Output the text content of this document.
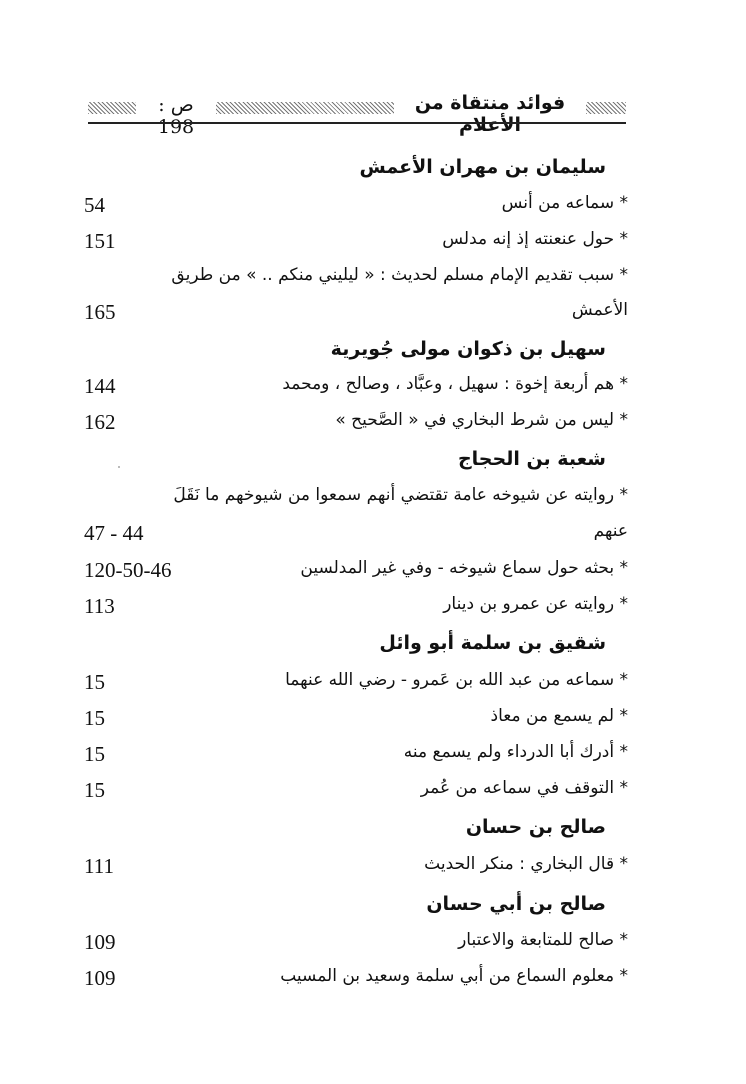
ص : 198
فوائد منتقاة من الأعلام
سليمان بن مهران الأعمش
* سماعه من أنس
54
* حول عنعنته إذ إنه مدلس
151
* سبب تقديم الإمام مسلم لحديث : « ليليني منكم .. » من طريق
الأعمش
165
سهيل بن ذكوان مولى جُويرية
* هم أربعة إخوة : سهيل ، وعبَّاد ، وصالح ، ومحمد
144
* ليس من شرط البخاري في « الصَّحيح »
162
شعبة بن الحجاج
* روايته عن شيوخه عامة تقتضي أنهم سمعوا من شيوخهم ما نَقَلَ
عنهم
47 - 44
* بحثه حول سماع شيوخه - وفي غير المدلسين
120-50-46
* روايته عن عمرو بن دينار
113
شقيق بن سلمة أبو وائل
* سماعه من عبد الله بن عَمرو - رضي الله عنهما
15
* لم يسمع من معاذ
15
* أدرك أبا الدرداء ولم يسمع منه
15
* التوقف في سماعه من عُمر
15
صالح بن حسان
* قال البخاري : منكر الحديث
111
صالح بن أبي حسان
* صالح للمتابعة والاعتبار
109
* معلوم السماع من أبي سلمة وسعيد بن المسيب
109
